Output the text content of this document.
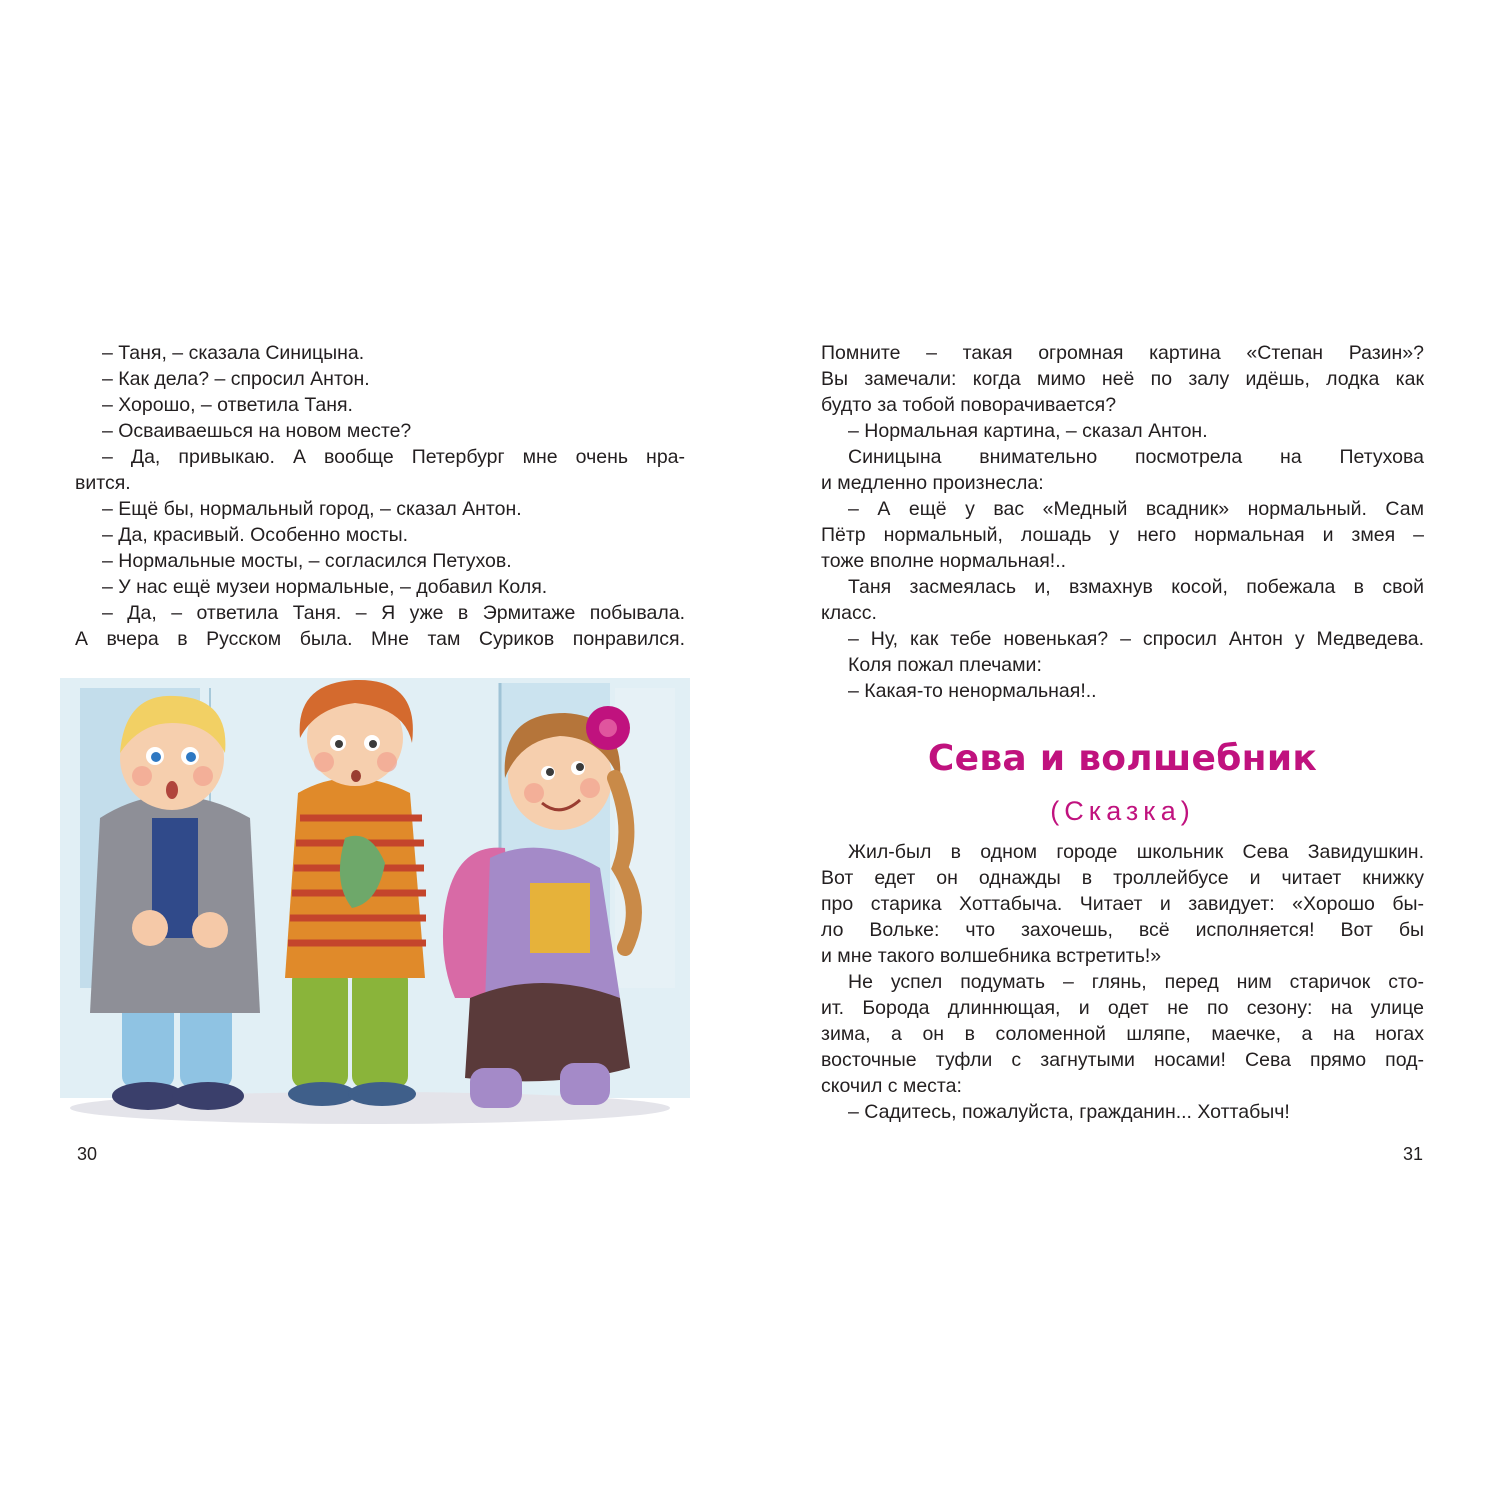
– Таня, – сказала Синицына.
– Как дела? – спросил Антон.
– Хорошо, – ответила Таня.
– Осваиваешься на новом месте?
– Да, привыкаю. А вообще Петербург мне очень нра-
вится.
– Ещё бы, нормальный город, – сказал Антон.
– Да, красивый. Особенно мосты.
– Нормальные мосты, – согласился Петухов.
– У нас ещё музеи нормальные, – добавил Коля.
– Да, – ответила Таня. – Я уже в Эрмитаже побывала.
А вчера в Русском была. Мне там Суриков понравился.
30
Помните – такая огромная картина «Степан Разин»?
Вы замечали: когда мимо неё по залу идёшь, лодка как
будто за тобой поворачивается?
– Нормальная картина, – сказал Антон.
Синицына внимательно посмотрела на Петухова
и медленно произнесла:
– А ещё у вас «Медный всадник» нормальный. Сам
Пётр нормальный, лошадь у него нормальная и змея –
тоже вполне нормальная!..
Таня засмеялась и, взмахнув косой, побежала в свой
класс.
– Ну, как тебе новенькая? – спросил Антон у Медведева.
Коля пожал плечами:
– Какая-то ненормальная!..
Сева и волшебник
(Сказка)
Жил-был в одном городе школьник Сева Завидушкин.
Вот едет он однажды в троллейбусе и читает книжку
про старика Хоттабыча. Читает и завидует: «Хорошо бы-
ло Вольке: что захочешь, всё исполняется! Вот бы
и мне такого волшебника встретить!»
Не успел подумать – глянь, перед ним старичок сто-
ит. Борода длиннющая, и одет не по сезону: на улице
зима, а он в соломенной шляпе, маечке, а на ногах
восточные туфли с загнутыми носами! Сева прямо под-
скочил с места:
– Садитесь, пожалуйста, гражданин... Хоттабыч!
31
